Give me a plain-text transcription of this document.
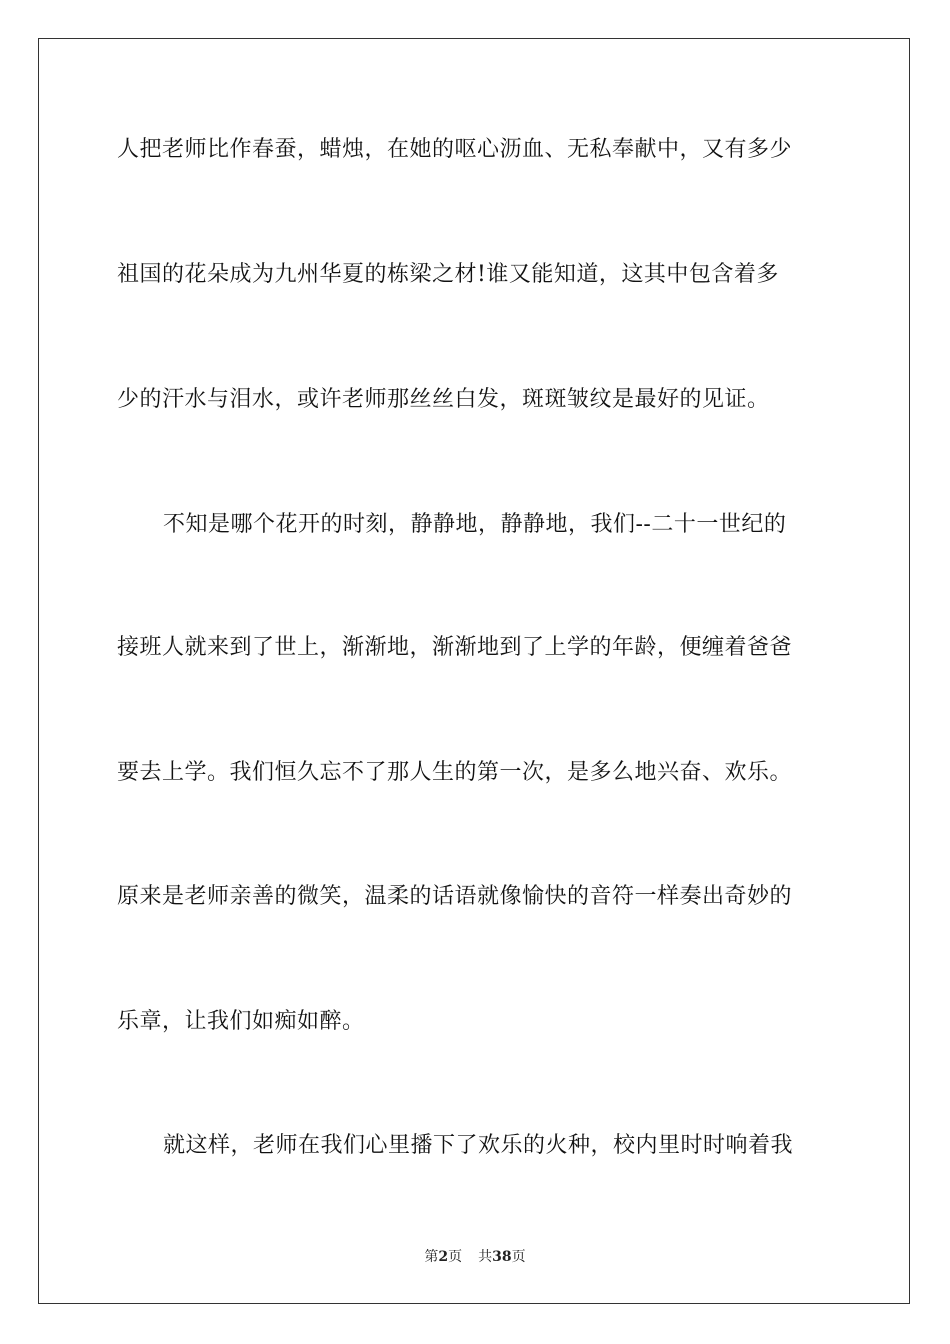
人把老师比作春蚕，蜡烛，在她的呕心沥血、无私奉献中，又有多少
祖国的花朵成为九州华夏的栋梁之材!谁又能知道，这其中包含着多
少的汗水与泪水，或许老师那丝丝白发，斑斑皱纹是最好的见证。
不知是哪个花开的时刻，静静地，静静地，我们--二十一世纪的
接班人就来到了世上，渐渐地，渐渐地到了上学的年龄，便缠着爸爸
要去上学。我们恒久忘不了那人生的第一次，是多么地兴奋、欢乐。
原来是老师亲善的微笑，温柔的话语就像愉快的音符一样奏出奇妙的
乐章，让我们如痴如醉。
就这样，老师在我们心里播下了欢乐的火种，校内里时时响着我
第2页 共38页
